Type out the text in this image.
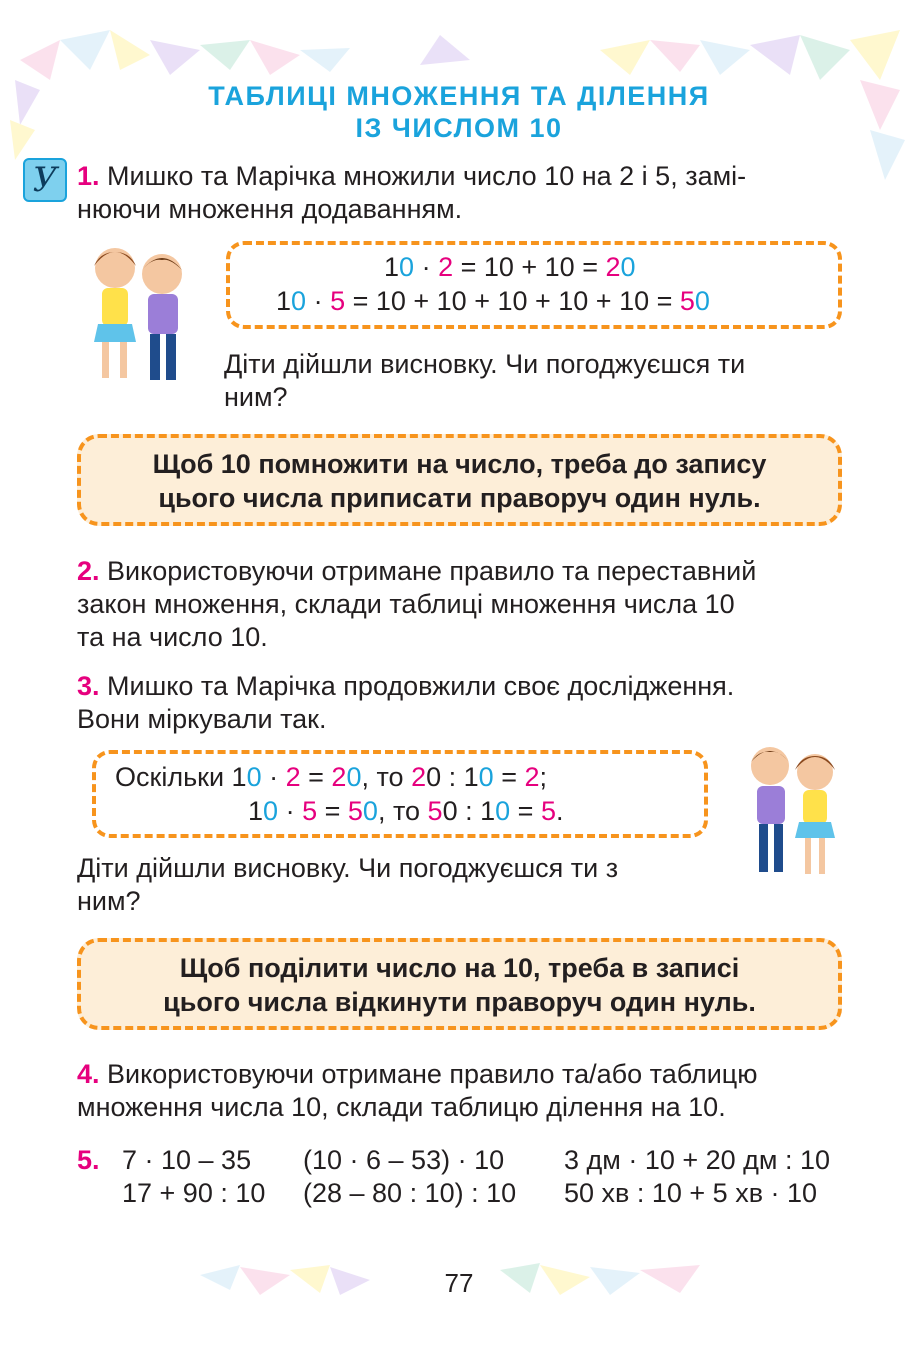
ТАБЛИЦІ МНОЖЕННЯ ТА ДІЛЕННЯ
ІЗ ЧИСЛОМ 10
У 1. Мишко та Марічка множили число 10 на 2 і 5, замі-
нюючи множення додаванням.
10 · 2 = 10 + 10 = 20
10 · 5 = 10 + 10 + 10 + 10 + 10 = 50
Діти дійшли висновку. Чи погоджуєшся ти
ним?
Щоб 10 помножити на число, треба до запису
цього числа приписати праворуч один нуль.
2. Використовуючи отримане правило та переставний
закон множення, склади таблиці множення числа 10
та на число 10.
3. Мишко та Марічка продовжили своє дослідження.
Вони міркували так.
Оскільки 10 · 2 = 20, то 20 : 10 = 2;
10 · 5 = 50, то 50 : 10 = 5.
Діти дійшли висновку. Чи погоджуєшся ти з
ним?
Щоб поділити число на 10, треба в записі
цього числа відкинути праворуч один нуль.
4. Використовуючи отримане правило та/або таблицю
множення числа 10, склади таблицю ділення на 10.
5. 7 · 10 – 35
17 + 90 : 10
(10 · 6 – 53) · 10
(28 – 80 : 10) : 10
3 дм · 10 + 20 дм : 10
50 хв : 10 + 5 хв · 10
77
